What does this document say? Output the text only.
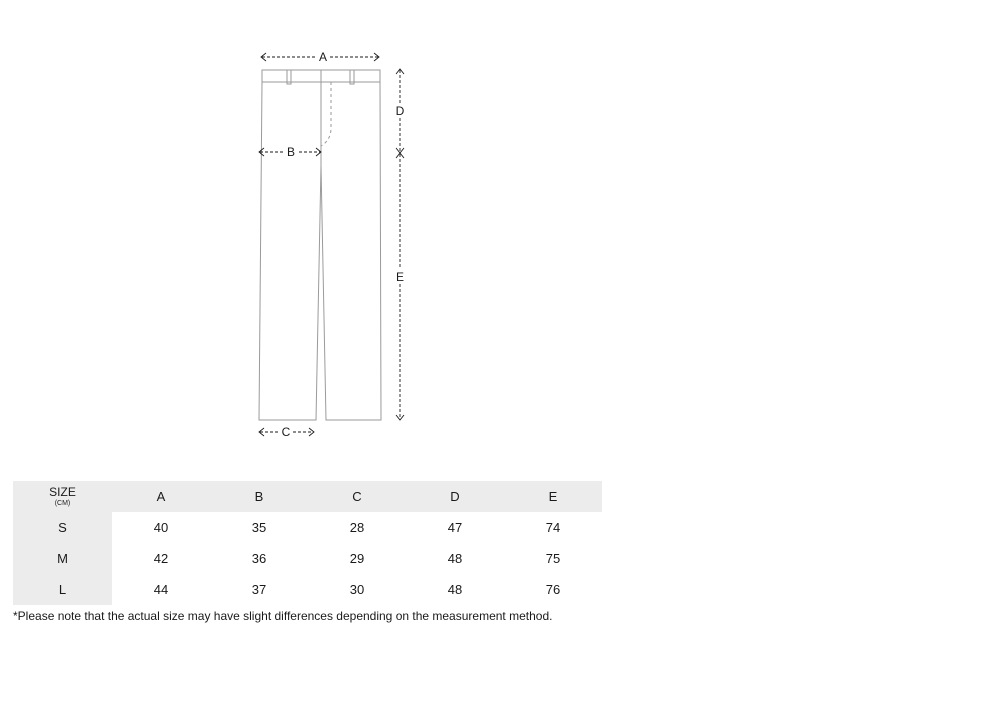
A
B
C
D
E
SIZE
(CM)	A	B	C	D	E
S	40	35	28	47	74
M	42	36	29	48	75
L	44	37	30	48	76
*Please note that the actual size may have slight differences depending on the measurement method.
